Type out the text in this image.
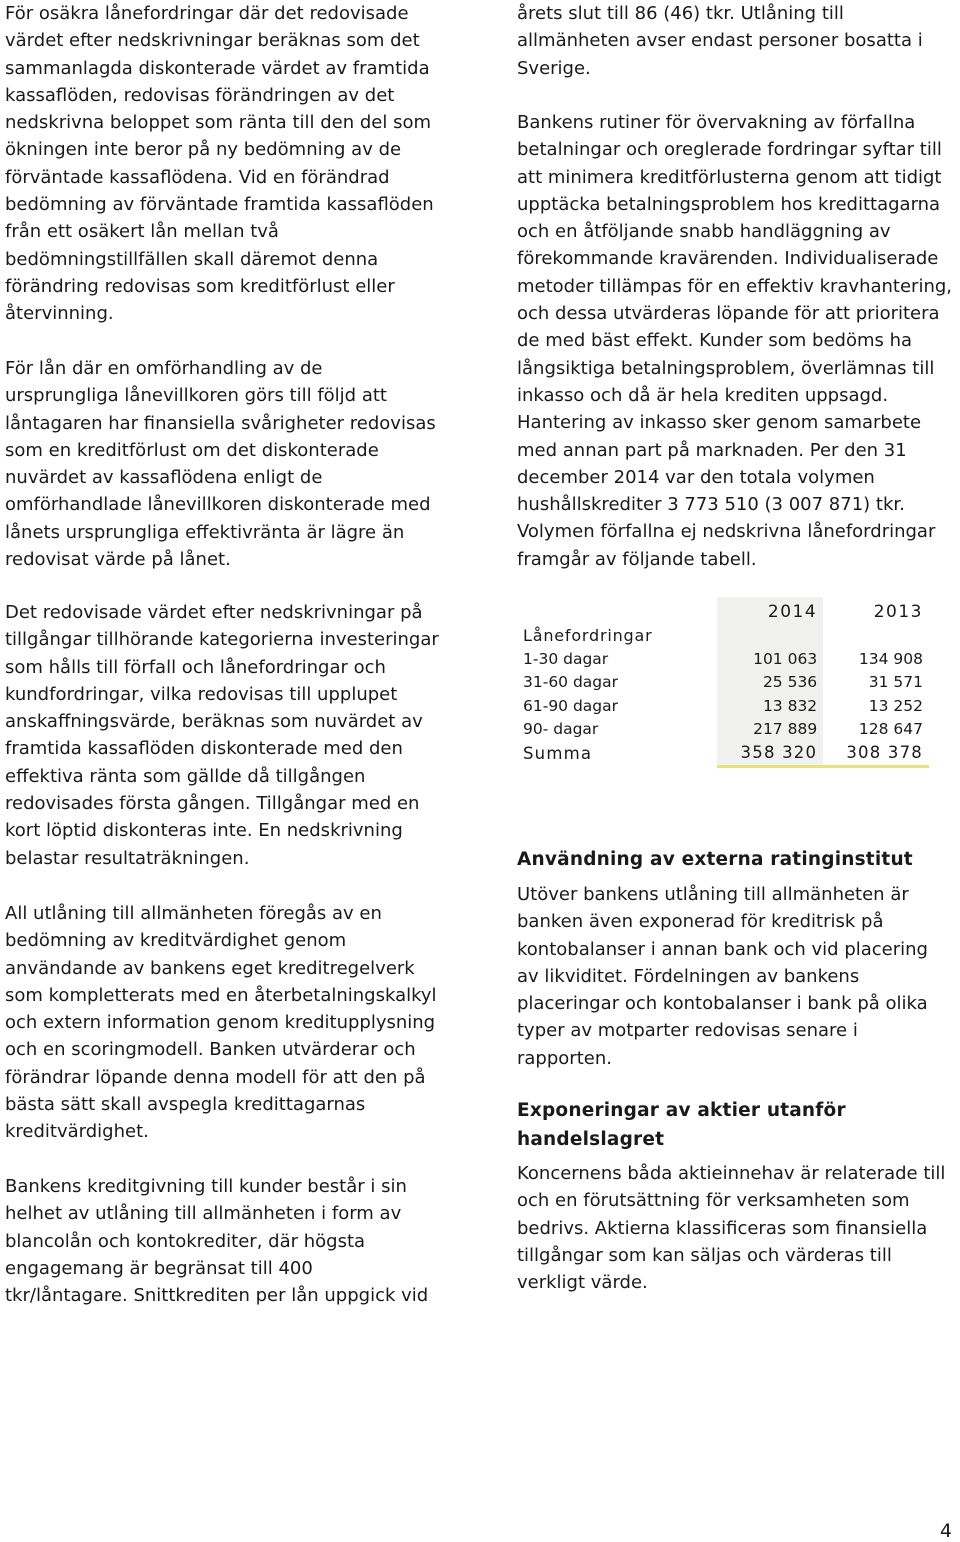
För osäkra lånefordringar där det redovisade
värdet efter nedskrivningar beräknas som det
sammanlagda diskonterade värdet av framtida
kassaflöden, redovisas förändringen av det
nedskrivna beloppet som ränta till den del som
ökningen inte beror på ny bedömning av de
förväntade kassaflödena. Vid en förändrad
bedömning av förväntade framtida kassaflöden
från ett osäkert lån mellan två
bedömningstillfällen skall däremot denna
förändring redovisas som kreditförlust eller
återvinning.

För lån där en omförhandling av de
ursprungliga lånevillkoren görs till följd att
låntagaren har finansiella svårigheter redovisas
som en kreditförlust om det diskonterade
nuvärdet av kassaflödena enligt de
omförhandlade lånevillkoren diskonterade med
lånets ursprungliga effektivränta är lägre än
redovisat värde på lånet.

Det redovisade värdet efter nedskrivningar på
tillgångar tillhörande kategorierna investeringar
som hålls till förfall och lånefordringar och
kundfordringar, vilka redovisas till upplupet
anskaffningsvärde, beräknas som nuvärdet av
framtida kassaflöden diskonterade med den
effektiva ränta som gällde då tillgången
redovisades första gången. Tillgångar med en
kort löptid diskonteras inte. En nedskrivning
belastar resultaträkningen.

All utlåning till allmänheten föregås av en
bedömning av kreditvärdighet genom
användande av bankens eget kreditregelverk
som kompletterats med en återbetalningskalkyl
och extern information genom kreditupplysning
och en scoringmodell. Banken utvärderar och
förändrar löpande denna modell för att den på
bästa sätt skall avspegla kredittagarnas
kreditvärdighet.

Bankens kreditgivning till kunder består i sin
helhet av utlåning till allmänheten i form av
blancolån och kontokrediter, där högsta
engagemang är begränsat till 400
tkr/låntagare. Snittkrediten per lån uppgick vid

årets slut till 86 (46) tkr. Utlåning till
allmänheten avser endast personer bosatta i
Sverige.

Bankens rutiner för övervakning av förfallna
betalningar och oreglerade fordringar syftar till
att minimera kreditförlusterna genom att tidigt
upptäcka betalningsproblem hos kredittagarna
och en åtföljande snabb handläggning av
förekommande kravärenden. Individualiserade
metoder tillämpas för en effektiv kravhantering,
och dessa utvärderas löpande för att prioritera
de med bäst effekt. Kunder som bedöms ha
långsiktiga betalningsproblem, överlämnas till
inkasso och då är hela krediten uppsagd.
Hantering av inkasso sker genom samarbete
med annan part på marknaden. Per den 31
december 2014 var den totala volymen
hushållskrediter 3 773 510 (3 007 871) tkr.
Volymen förfallna ej nedskrivna lånefordringar
framgår av följande tabell.

Användning av externa ratinginstitut

Utöver bankens utlåning till allmänheten är
banken även exponerad för kreditrisk på
kontobalanser i annan bank och vid placering
av likviditet. Fördelningen av bankens
placeringar och kontobalanser i bank på olika
typer av motparter redovisas senare i
rapporten.

Exponeringar av aktier utanför
handelslagret

Koncernens båda aktieinnehav är relaterade till
och en förutsättning för verksamheten som
bedrivs. Aktierna klassificeras som finansiella
tillgångar som kan säljas och värderas till
verkligt värde.

	2014	2013
Lånefordringar		
1-30 dagar	101 063	134 908
31-60 dagar	25 536	31 571
61-90 dagar	13 832	13 252
90- dagar	217 889	128 647
Summa	358 320	308 378
4
